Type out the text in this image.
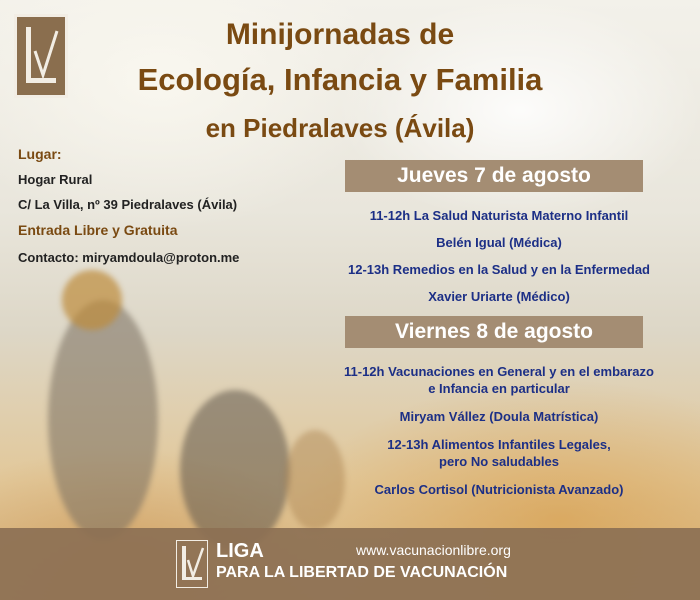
Minijornadas de
Ecología, Infancia y Familia
en Piedralaves (Ávila)
Lugar:
Hogar Rural
C/ La Villa, nº 39 Piedralaves (Ávila)
Entrada Libre y Gratuita
Contacto: miryamdoula@proton.me
Jueves 7 de agosto
11-12h La Salud Naturista Materno Infantil
Belén Igual (Médica)
12-13h Remedios en la Salud y en la Enfermedad
Xavier Uriarte (Médico)
Viernes 8 de agosto
11-12h Vacunaciones en General y en el embarazo
e Infancia en particular
Miryam Vállez (Doula Matrística)
12-13h Alimentos Infantiles Legales,
pero No saludables
Carlos Cortisol (Nutricionista Avanzado)
LIGA
PARA LA LIBERTAD DE VACUNACIÓN
www.vacunacionlibre.org
